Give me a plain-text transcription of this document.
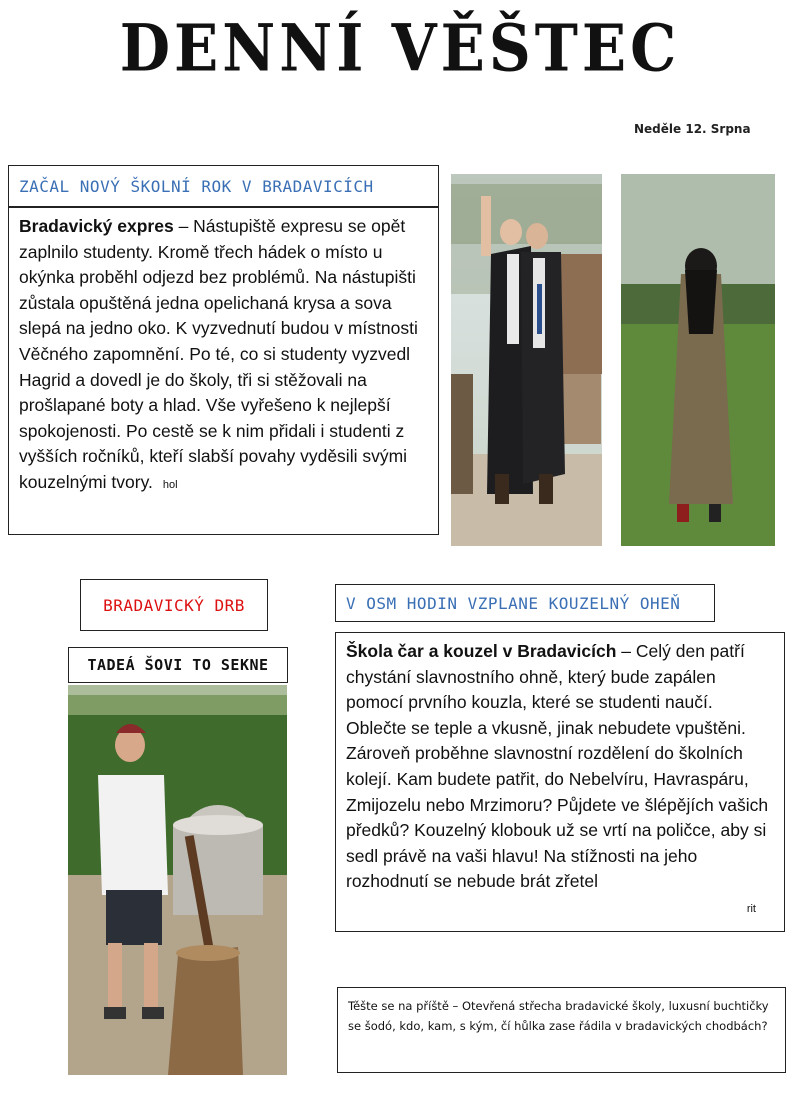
DENNÍ VĚŠTEC
Neděle 12. Srpna
ZAČAL NOVÝ ŠKOLNÍ ROK V BRADAVICÍCH
Bradavický expres – Nástupiště expresu se opět zaplnilo studenty. Kromě třech hádek o místo u okýnka proběhl odjezd bez problémů. Na nástupišti zůstala opuštěná jedna opelichaná krysa a sova slepá na jedno oko. K vyzvednutí budou v místnosti Věčného zapomnění. Po té, co si studenty vyzvedl Hagrid a dovedl je do školy, tři si stěžovali na prošlapané boty a hlad. Vše vyřešeno k nejlepší spokojenosti. Po cestě se k nim přidali i studenti z vyšších ročníků, kteří slabší povahy vyděsili svými kouzelnými tvory. hol
BRADAVICKÝ DRB
TADEÁ ŠOVI TO SEKNE
V OSM HODIN VZPLANE KOUZELNÝ OHEŇ
Škola čar a kouzel v Bradavicích – Celý den patří chystání slavnostního ohně, který bude zapálen pomocí prvního kouzla, které se studenti naučí. Oblečte se teple a vkusně, jinak nebudete vpuštěni. Zároveň proběhne slavnostní rozdělení do školních kolejí. Kam budete patřit, do Nebelvíru, Havraspáru, Zmijozelu nebo Mrzimoru? Půjdete ve šlépějích vašich předků? Kouzelný klobouk už se vrtí na poličce, aby si sedl právě na vaši hlavu! Na stížnosti na jeho rozhodnutí se nebude brát zřetel
rit
Těšte se na příště – Otevřená střecha bradavické školy, luxusní buchtičky se šodó, kdo, kam, s kým, čí hůlka zase řádila v bradavických chodbách?
